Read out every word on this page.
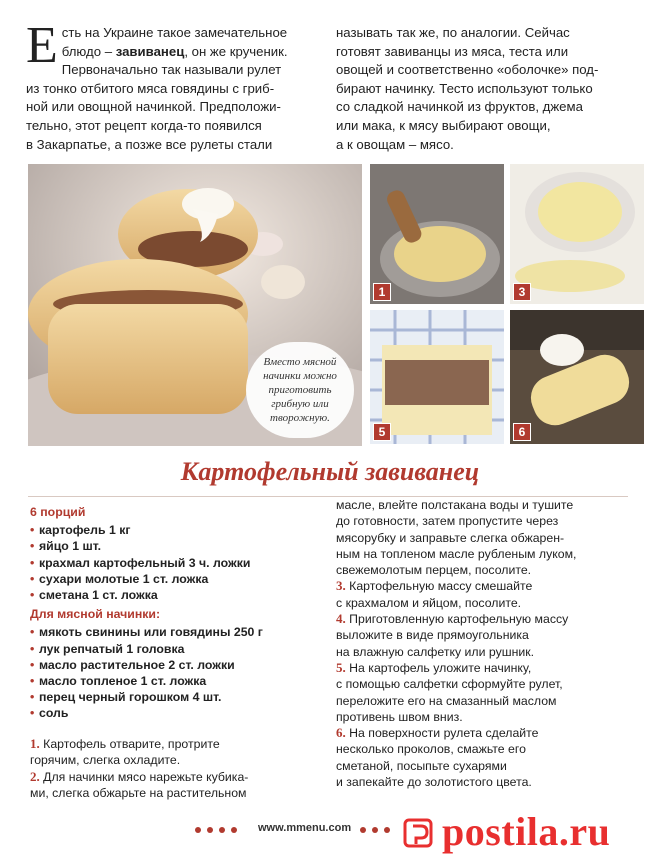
Е сть на Украине такое замечательное

блюдо – завиванец, он же крученик.

Первоначально так называли рулет

из тонко отбитого мяса говядины с гриб-

ной или овощной начинкой. Предположи-

тельно, этот рецепт когда-то появился

в Закарпатье, а позже все рулеты стали

называть так же, по аналогии. Сейчас

готовят завиванцы из мяса, теста или

овощей и соответственно «оболочке» под-

бирают начинку. Тесто используют только

со сладкой начинкой из фруктов, джема

или мака, к мясу выбирают овощи,

а к овощам – мясо.

Вместо мясной
начинки можно
приготовить
грибную или
творожную.
1	3
5	6
Картофельный завиванец

6 порций

• картофель 1 кг
• яйцо 1 шт.
• крахмал картофельный 3 ч. ложки
• сухари молотые 1 ст. ложка
• сметана 1 ст. ложка

Для мясной начинки:

• мякоть свинины или говядины 250 г
• лук репчатый 1 головка
• масло растительное 2 ст. ложки
• масло топленое 1 ст. ложка
• перец черный горошком 4 шт.
• соль

1. Картофель отварите, протрите

горячим, слегка охладите.

2. Для начинки мясо нарежьте кубика-

ми, слегка обжарьте на растительном

масле, влейте полстакана воды и тушите

до готовности, затем пропустите через

мясорубку и заправьте слегка обжарен-

ным на топленом масле рубленым луком,

свежемолотым перцем, посолите.

3. Картофельную массу смешайте

с крахмалом и яйцом, посолите.

4. Приготовленную картофельную массу

выложите в виде прямоугольника

на влажную салфетку или рушник.

5. На картофель уложите начинку,

с помощью салфетки сформуйте рулет,

переложите его на смазанный маслом

противень швом вниз.

6. На поверхности рулета сделайте

несколько проколов, смажьте его

сметаной, посыпьте сухарями

и запекайте до золотистого цвета.

www.mmenu.com postila.ru
